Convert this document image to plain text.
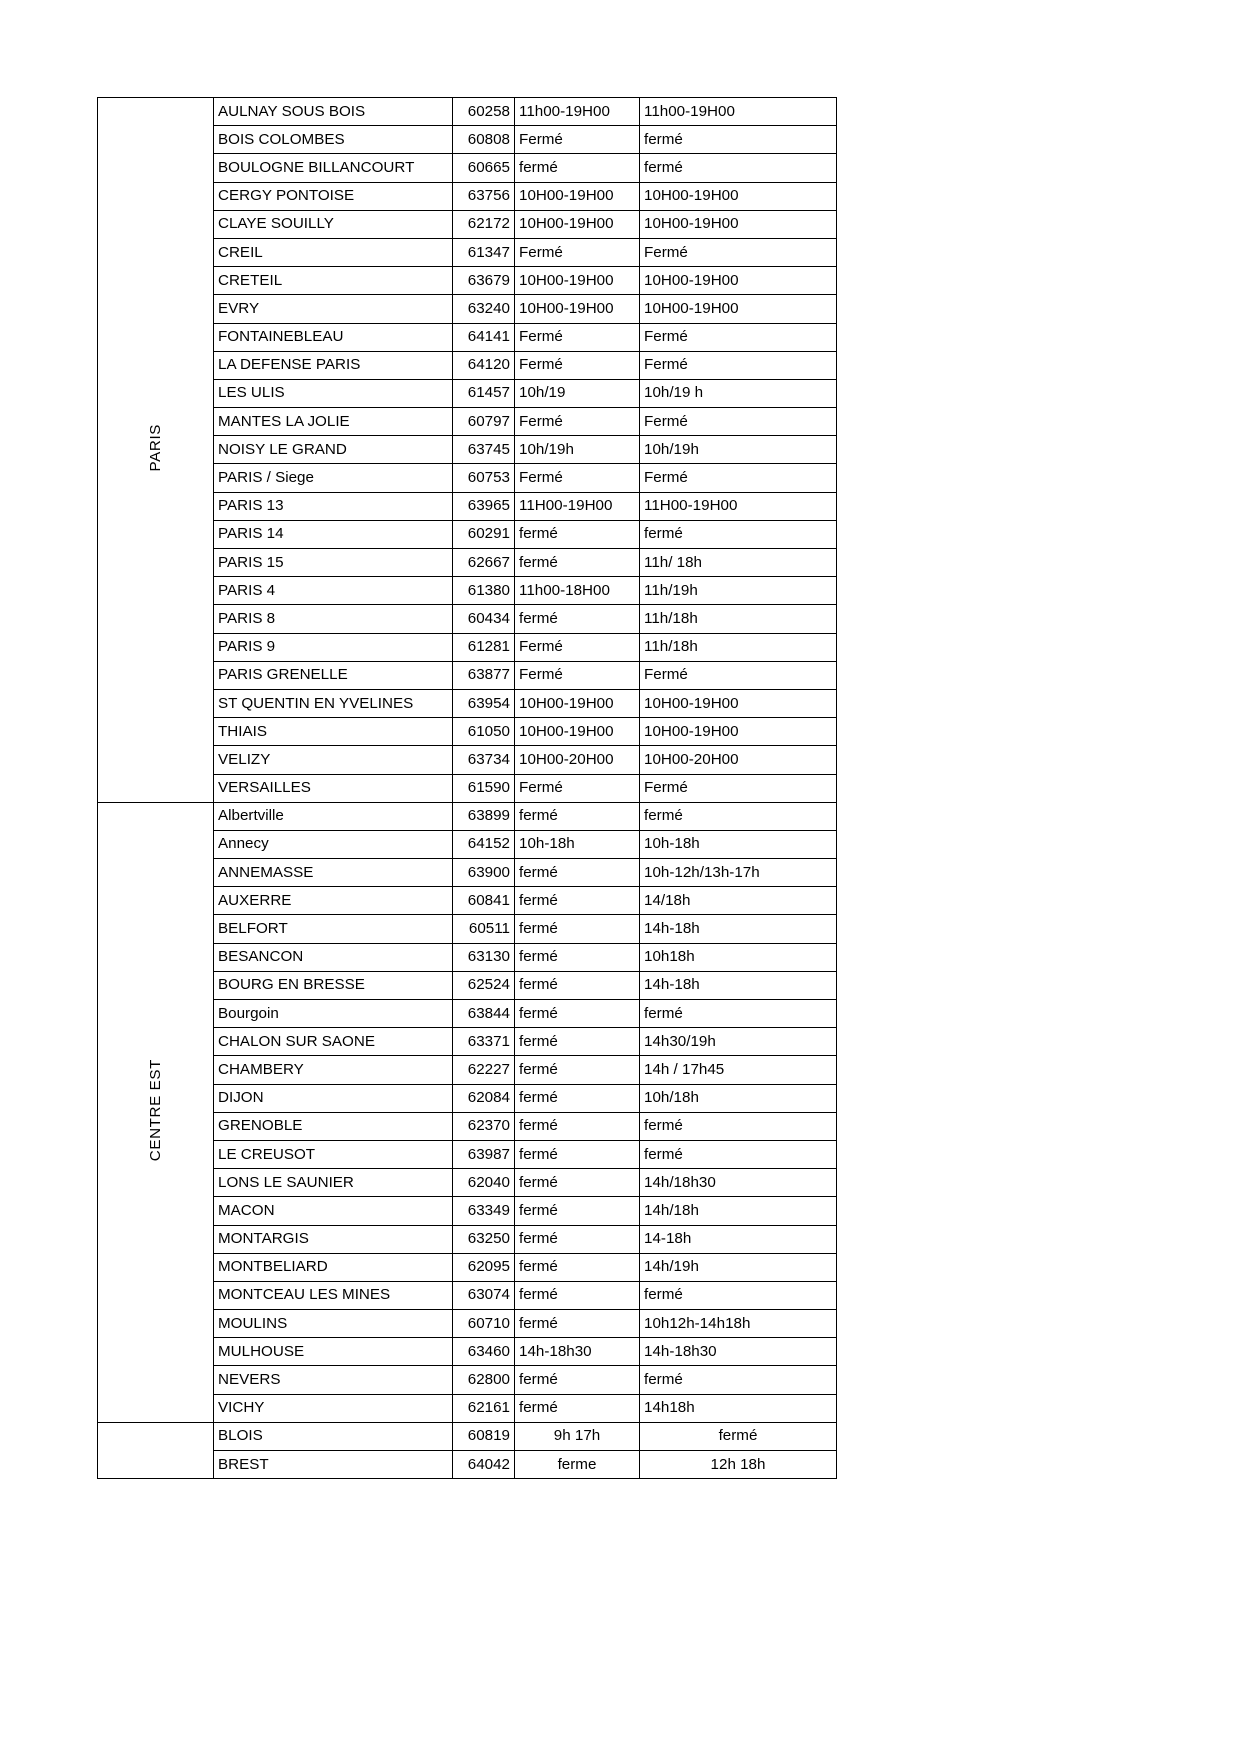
PARIS	AULNAY SOUS BOIS	60258	11h00-19H00	11h00-19H00
	BOIS COLOMBES	60808	Fermé	fermé
	BOULOGNE BILLANCOURT	60665	fermé	fermé
	CERGY PONTOISE	63756	10H00-19H00	10H00-19H00
	CLAYE SOUILLY	62172	10H00-19H00	10H00-19H00
	CREIL	61347	Fermé	Fermé
	CRETEIL	63679	10H00-19H00	10H00-19H00
	EVRY	63240	10H00-19H00	10H00-19H00
	FONTAINEBLEAU	64141	Fermé	Fermé
	LA DEFENSE PARIS	64120	Fermé	Fermé
	LES ULIS	61457	10h/19	10h/19 h
	MANTES LA JOLIE	60797	Fermé	Fermé
	NOISY LE GRAND	63745	10h/19h	10h/19h
	PARIS / Siege	60753	Fermé	Fermé
	PARIS 13	63965	11H00-19H00	11H00-19H00
	PARIS 14	60291	fermé	fermé
	PARIS 15	62667	fermé	11h/ 18h
	PARIS 4	61380	11h00-18H00	11h/19h
	PARIS 8	60434	fermé	11h/18h
	PARIS 9	61281	Fermé	11h/18h
	PARIS GRENELLE	63877	Fermé	Fermé
	ST QUENTIN EN YVELINES	63954	10H00-19H00	10H00-19H00
	THIAIS	61050	10H00-19H00	10H00-19H00
	VELIZY	63734	10H00-20H00	10H00-20H00
	VERSAILLES	61590	Fermé	Fermé
CENTRE EST	Albertville	63899	fermé	fermé
	Annecy	64152	10h-18h	10h-18h
	ANNEMASSE	63900	fermé	10h-12h/13h-17h
	AUXERRE	60841	fermé	14/18h
	BELFORT	60511	fermé	14h-18h
	BESANCON	63130	fermé	10h18h
	BOURG EN BRESSE	62524	fermé	14h-18h
	Bourgoin	63844	fermé	fermé
	CHALON SUR SAONE	63371	fermé	14h30/19h
	CHAMBERY	62227	fermé	14h / 17h45
	DIJON	62084	fermé	10h/18h
	GRENOBLE	62370	fermé	fermé
	LE CREUSOT	63987	fermé	fermé
	LONS LE SAUNIER	62040	fermé	14h/18h30
	MACON	63349	fermé	14h/18h
	MONTARGIS	63250	fermé	14-18h
	MONTBELIARD	62095	fermé	14h/19h
	MONTCEAU LES MINES	63074	fermé	fermé
	MOULINS	60710	fermé	10h12h-14h18h
	MULHOUSE	63460	14h-18h30	14h-18h30
	NEVERS	62800	fermé	fermé
	VICHY	62161	fermé	14h18h
	BLOIS	60819	9h 17h	fermé
	BREST	64042	ferme	12h 18h
